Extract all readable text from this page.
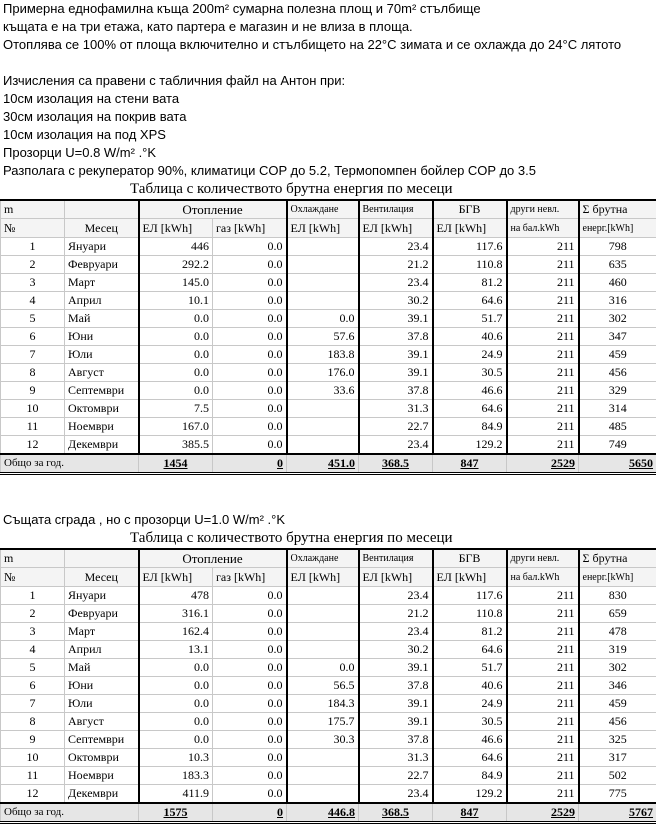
Примерна еднофамилна къща 200m² сумарна полезна площ и 70m² стълбище
къщата е на три етажа, като партера е магазин и не влиза в площа.
Отоплява се 100% от площа включително и стълбището на 22°С зимата и се охлажда до 24°С лятото
Изчисления са правени с табличния файл на Антон при:
10см изолация на стени вата
30см изолация на покрив вата
10см изолация на под XPS
Прозорци U=0.8 W/m² .°K
Разполага с рекуператор 90%, климатици COP до 5.2, Термопомпен бойлер COP до 3.5
Таблица с количеството брутна енергия по месеци
m		Отопление		Охлаждане	Вентилация	БГВ	други невл.	Σ брутна
№	Месец	ЕЛ [kWh]	газ [kWh]	ЕЛ [kWh]	ЕЛ [kWh]	ЕЛ [kWh]	на бал.kWh	енерг.[kWh]
1	Януари	446	0.0		23.4	117.6	211	798
2	Февруари	292.2	0.0		21.2	110.8	211	635
3	Март	145.0	0.0		23.4	81.2	211	460
4	Април	10.1	0.0		30.2	64.6	211	316
5	Май	0.0	0.0	0.0	39.1	51.7	211	302
6	Юни	0.0	0.0	57.6	37.8	40.6	211	347
7	Юли	0.0	0.0	183.8	39.1	24.9	211	459
8	Август	0.0	0.0	176.0	39.1	30.5	211	456
9	Септември	0.0	0.0	33.6	37.8	46.6	211	329
10	Октомври	7.5	0.0		31.3	64.6	211	314
11	Ноември	167.0	0.0		22.7	84.9	211	485
12	Декември	385.5	0.0		23.4	129.2	211	749
Общо за год.		1454	0	451.0	368.5	847	2529	5650
Същата сграда , но с прозорци U=1.0 W/m² .°K
Таблица с количеството брутна енергия по месеци
m		Отопление		Охлаждане	Вентилация	БГВ	други невл.	Σ брутна
№	Месец	ЕЛ [kWh]	газ [kWh]	ЕЛ [kWh]	ЕЛ [kWh]	ЕЛ [kWh]	на бал.kWh	енерг.[kWh]
1	Януари	478	0.0		23.4	117.6	211	830
2	Февруари	316.1	0.0		21.2	110.8	211	659
3	Март	162.4	0.0		23.4	81.2	211	478
4	Април	13.1	0.0		30.2	64.6	211	319
5	Май	0.0	0.0	0.0	39.1	51.7	211	302
6	Юни	0.0	0.0	56.5	37.8	40.6	211	346
7	Юли	0.0	0.0	184.3	39.1	24.9	211	459
8	Август	0.0	0.0	175.7	39.1	30.5	211	456
9	Септември	0.0	0.0	30.3	37.8	46.6	211	325
10	Октомври	10.3	0.0		31.3	64.6	211	317
11	Ноември	183.3	0.0		22.7	84.9	211	502
12	Декември	411.9	0.0		23.4	129.2	211	775
Общо за год.		1575	0	446.8	368.5	847	2529	5767
